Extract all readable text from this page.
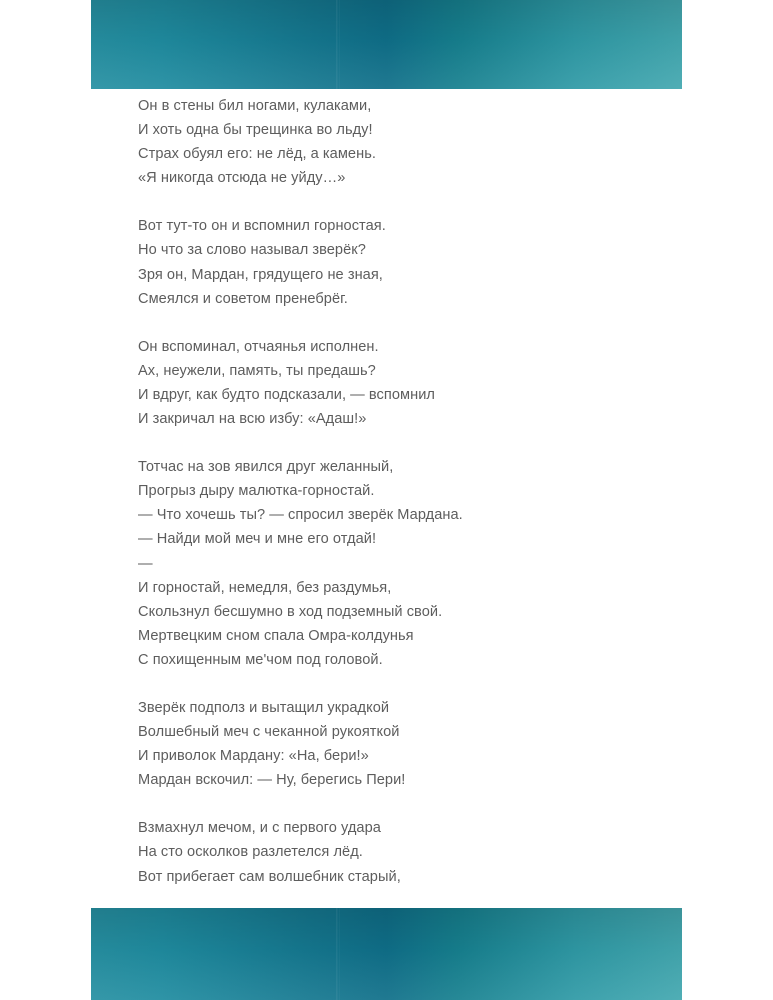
Он в стены бил ногами, кулаками,
И хоть одна бы трещинка во льду!
Страх обуял его: не лёд, а камень.
«Я никогда отсюда не уйду…»
Вот тут-то он и вспомнил горностая.
Но что за слово называл зверёк?
Зря он, Мардан, грядущего не зная,
Смеялся и советом пренебрёг.
Он вспоминал, отчаянья исполнен.
Ах, неужели, память, ты предашь?
И вдруг, как будто подсказали, — вспомнил
И закричал на всю избу: «Адаш!»
Тотчас на зов явился друг желанный,
Прогрыз дыру малютка-горностай.
— Что хочешь ты? — спросил зверёк Мардана.
— Найди мой меч и мне его отдай!
—
И горностай, немедля, без раздумья,
Скользнул бесшумно в ход подземный свой.
Мертвецким сном спала Омра-колдунья
С похищенным ме'чом под головой.
Зверёк подполз и вытащил украдкой
Волшебный меч с чеканной рукояткой
И приволок Мардану: «На, бери!»
Мардан вскочил: — Ну, берегись Пери!
Взмахнул мечом, и с первого удара
На сто осколков разлетелся лёд.
Вот прибегает сам волшебник старый,
